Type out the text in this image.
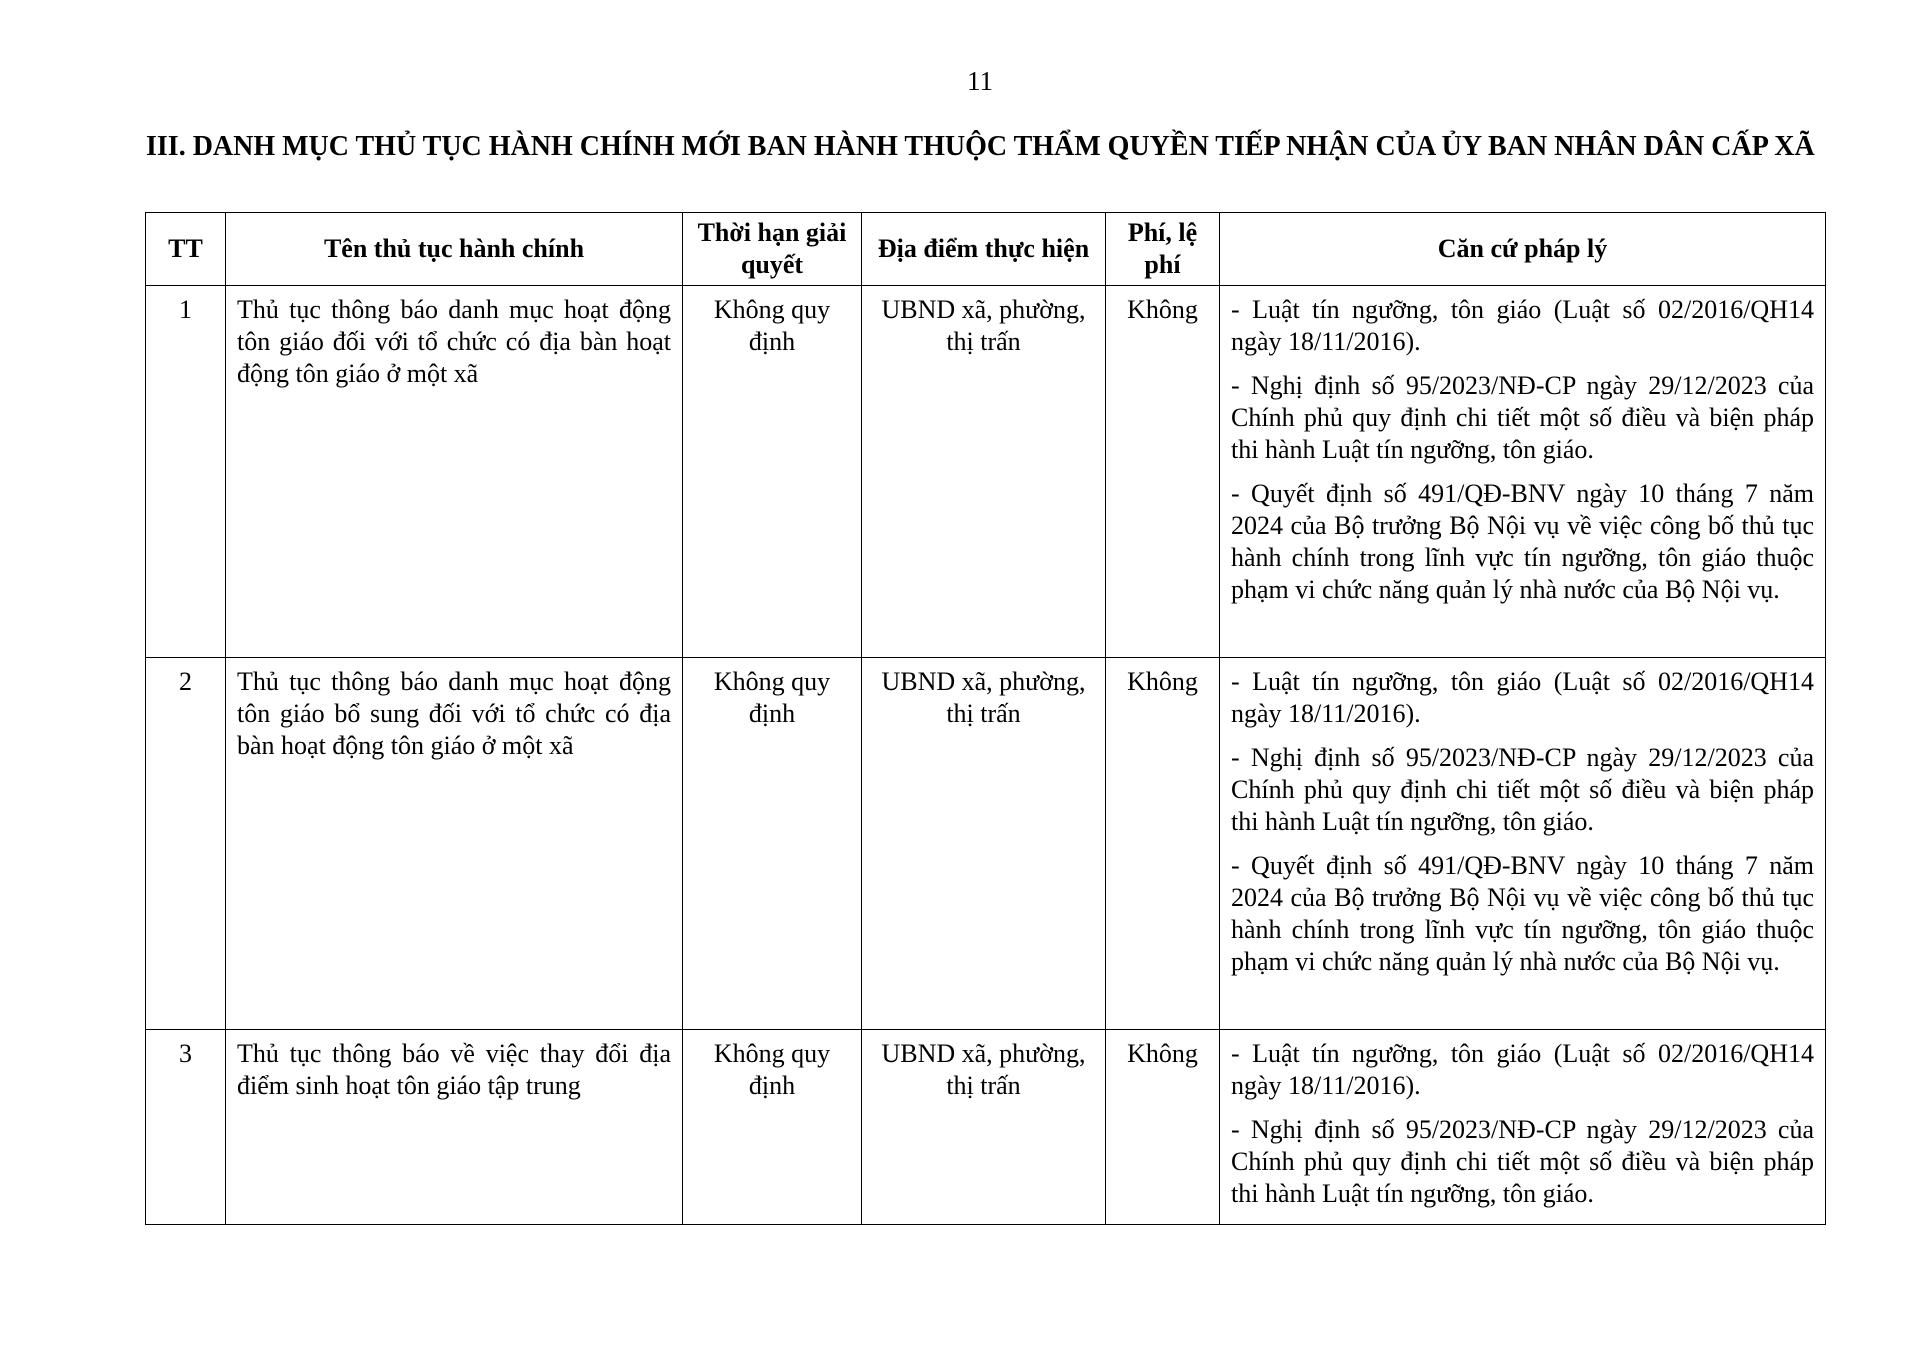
11
III. DANH MỤC THỦ TỤC HÀNH CHÍNH MỚI BAN HÀNH THUỘC THẨM QUYỀN TIẾP NHẬN CỦA ỦY BAN NHÂN DÂN CẤP XÃ
TT	Tên thủ tục hành chính	Thời hạn giải quyết	Địa điểm thực hiện	Phí, lệ phí	Căn cứ pháp lý
1	Thủ tục thông báo danh mục hoạt động tôn giáo đối với tổ chức có địa bàn hoạt động tôn giáo ở một xã	Không quy định	UBND xã, phường, thị trấn	Không	- Luật tín ngưỡng, tôn giáo (Luật số 02/2016/QH14 ngày 18/11/2016).

- Nghị định số 95/2023/NĐ-CP ngày 29/12/2023 của Chính phủ quy định chi tiết một số điều và biện pháp thi hành Luật tín ngưỡng, tôn giáo.

- Quyết định số 491/QĐ-BNV ngày 10 tháng 7 năm 2024 của Bộ trưởng Bộ Nội vụ về việc công bố thủ tục hành chính trong lĩnh vực tín ngưỡng, tôn giáo thuộc phạm vi chức năng quản lý nhà nước của Bộ Nội vụ.

2	Thủ tục thông báo danh mục hoạt động tôn giáo bổ sung đối với tổ chức có địa bàn hoạt động tôn giáo ở một xã	Không quy định	UBND xã, phường, thị trấn	Không	- Luật tín ngưỡng, tôn giáo (Luật số 02/2016/QH14 ngày 18/11/2016).

- Nghị định số 95/2023/NĐ-CP ngày 29/12/2023 của Chính phủ quy định chi tiết một số điều và biện pháp thi hành Luật tín ngưỡng, tôn giáo.

- Quyết định số 491/QĐ-BNV ngày 10 tháng 7 năm 2024 của Bộ trưởng Bộ Nội vụ về việc công bố thủ tục hành chính trong lĩnh vực tín ngưỡng, tôn giáo thuộc phạm vi chức năng quản lý nhà nước của Bộ Nội vụ.

3	Thủ tục thông báo về việc thay đổi địa điểm sinh hoạt tôn giáo tập trung	Không quy định	UBND xã, phường, thị trấn	Không	- Luật tín ngưỡng, tôn giáo (Luật số 02/2016/QH14 ngày 18/11/2016).

- Nghị định số 95/2023/NĐ-CP ngày 29/12/2023 của Chính phủ quy định chi tiết một số điều và biện pháp thi hành Luật tín ngưỡng, tôn giáo.
